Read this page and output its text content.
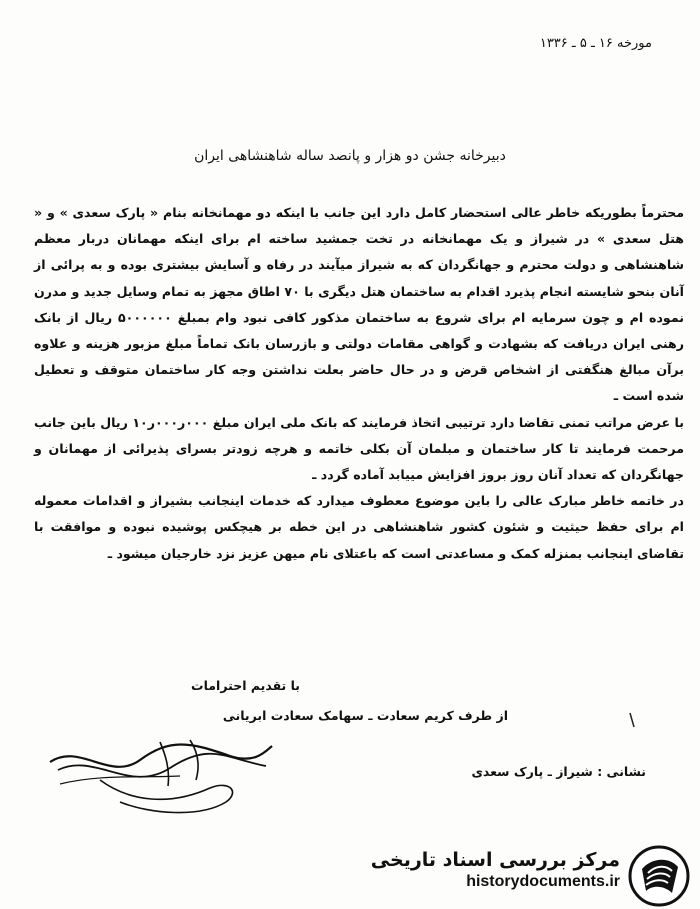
مورخه ۱۶ ـ ۵ ـ ۱۳۳۶
دبیرخانه جشن دو هزار و پانصد ساله شاهنشاهی ایران

محترماً بطوریکه خاطر عالی استحضار کامل دارد این جانب با اینکه دو مهمانخانه بنام « پارک سعدی » و « هتل سعدی » در شیراز و یک مهمانخانه در تخت جمشید ساخته ام برای اینکه مهمانان دربار معظم شاهنشاهی و دولت محترم و جهانگردان که به شیراز میآیند در رفاه و آسایش بیشتری بوده و به پرائی از آنان بنحو شایسته انجام پذیرد اقدام به ساختمان هتل دیگری با ۷۰ اطاق مجهز به تمام وسایل جدید و مدرن نموده ام و چون سرمایه ام برای شروع به ساختمان مذکور کافی نبود وام بمبلغ ۵۰۰۰۰۰۰ ریال از بانک رهنی ایران دریافت که بشهادت و گواهی مقامات دولتی و بازرسان بانک تماماً مبلغ مزبور هزینه و علاوه برآن مبالغ هنگفتی از اشخاص قرض و در حال حاضر بعلت نداشتن وجه کار ساختمان متوقف و تعطیل شده است ـ

با عرض مراتب تمنی تقاضا دارد ترتیبی اتخاذ فرمایند که بانک ملی ایران مبلغ ۰۰۰ر۰۰۰ر۱۰ ریال باین جانب مرحمت فرمایند تا کار ساختمان و مبلمان آن بکلی خاتمه و هرچه زودتر بسرای پذیرائی از مهمانان و جهانگردان که تعداد آنان روز بروز افزایش مییابد آماده گردد ـ

در خاتمه خاطر مبارک عالی را باین موضوع معطوف میدارد که خدمات اینجانب بشیراز و اقدامات معموله ام برای حفظ حیثیت و شئون کشور شاهنشاهی در این خطه بر هیچکس پوشیده نبوده و موافقت با تقاضای اینجانب بمنزله کمک و مساعدتی است که باعتلای نام میهن عزیز نزد خارجیان میشود ـ

با تقدیم احترامات
از طرف کریم سعادت ـ سهامک سعادت ابریانی
نشانی : شیراز ـ پارک سعدی
مرکز بررسی اسناد تاریخی
historydocuments.ir
